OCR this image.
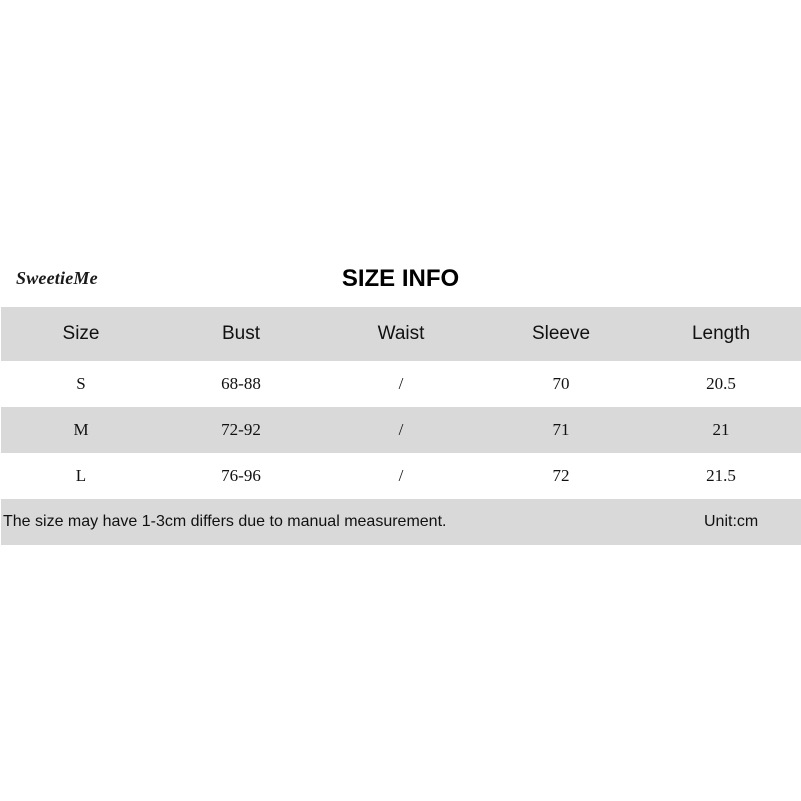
SweetieMe	SIZE INFO
Size	Bust	Waist	Sleeve	Length
S	68-88	/	70	20.5
M	72-92	/	71	21
L	76-96	/	72	21.5
The size may have 1-3cm differs due to manual measurement.	Unit:cm
